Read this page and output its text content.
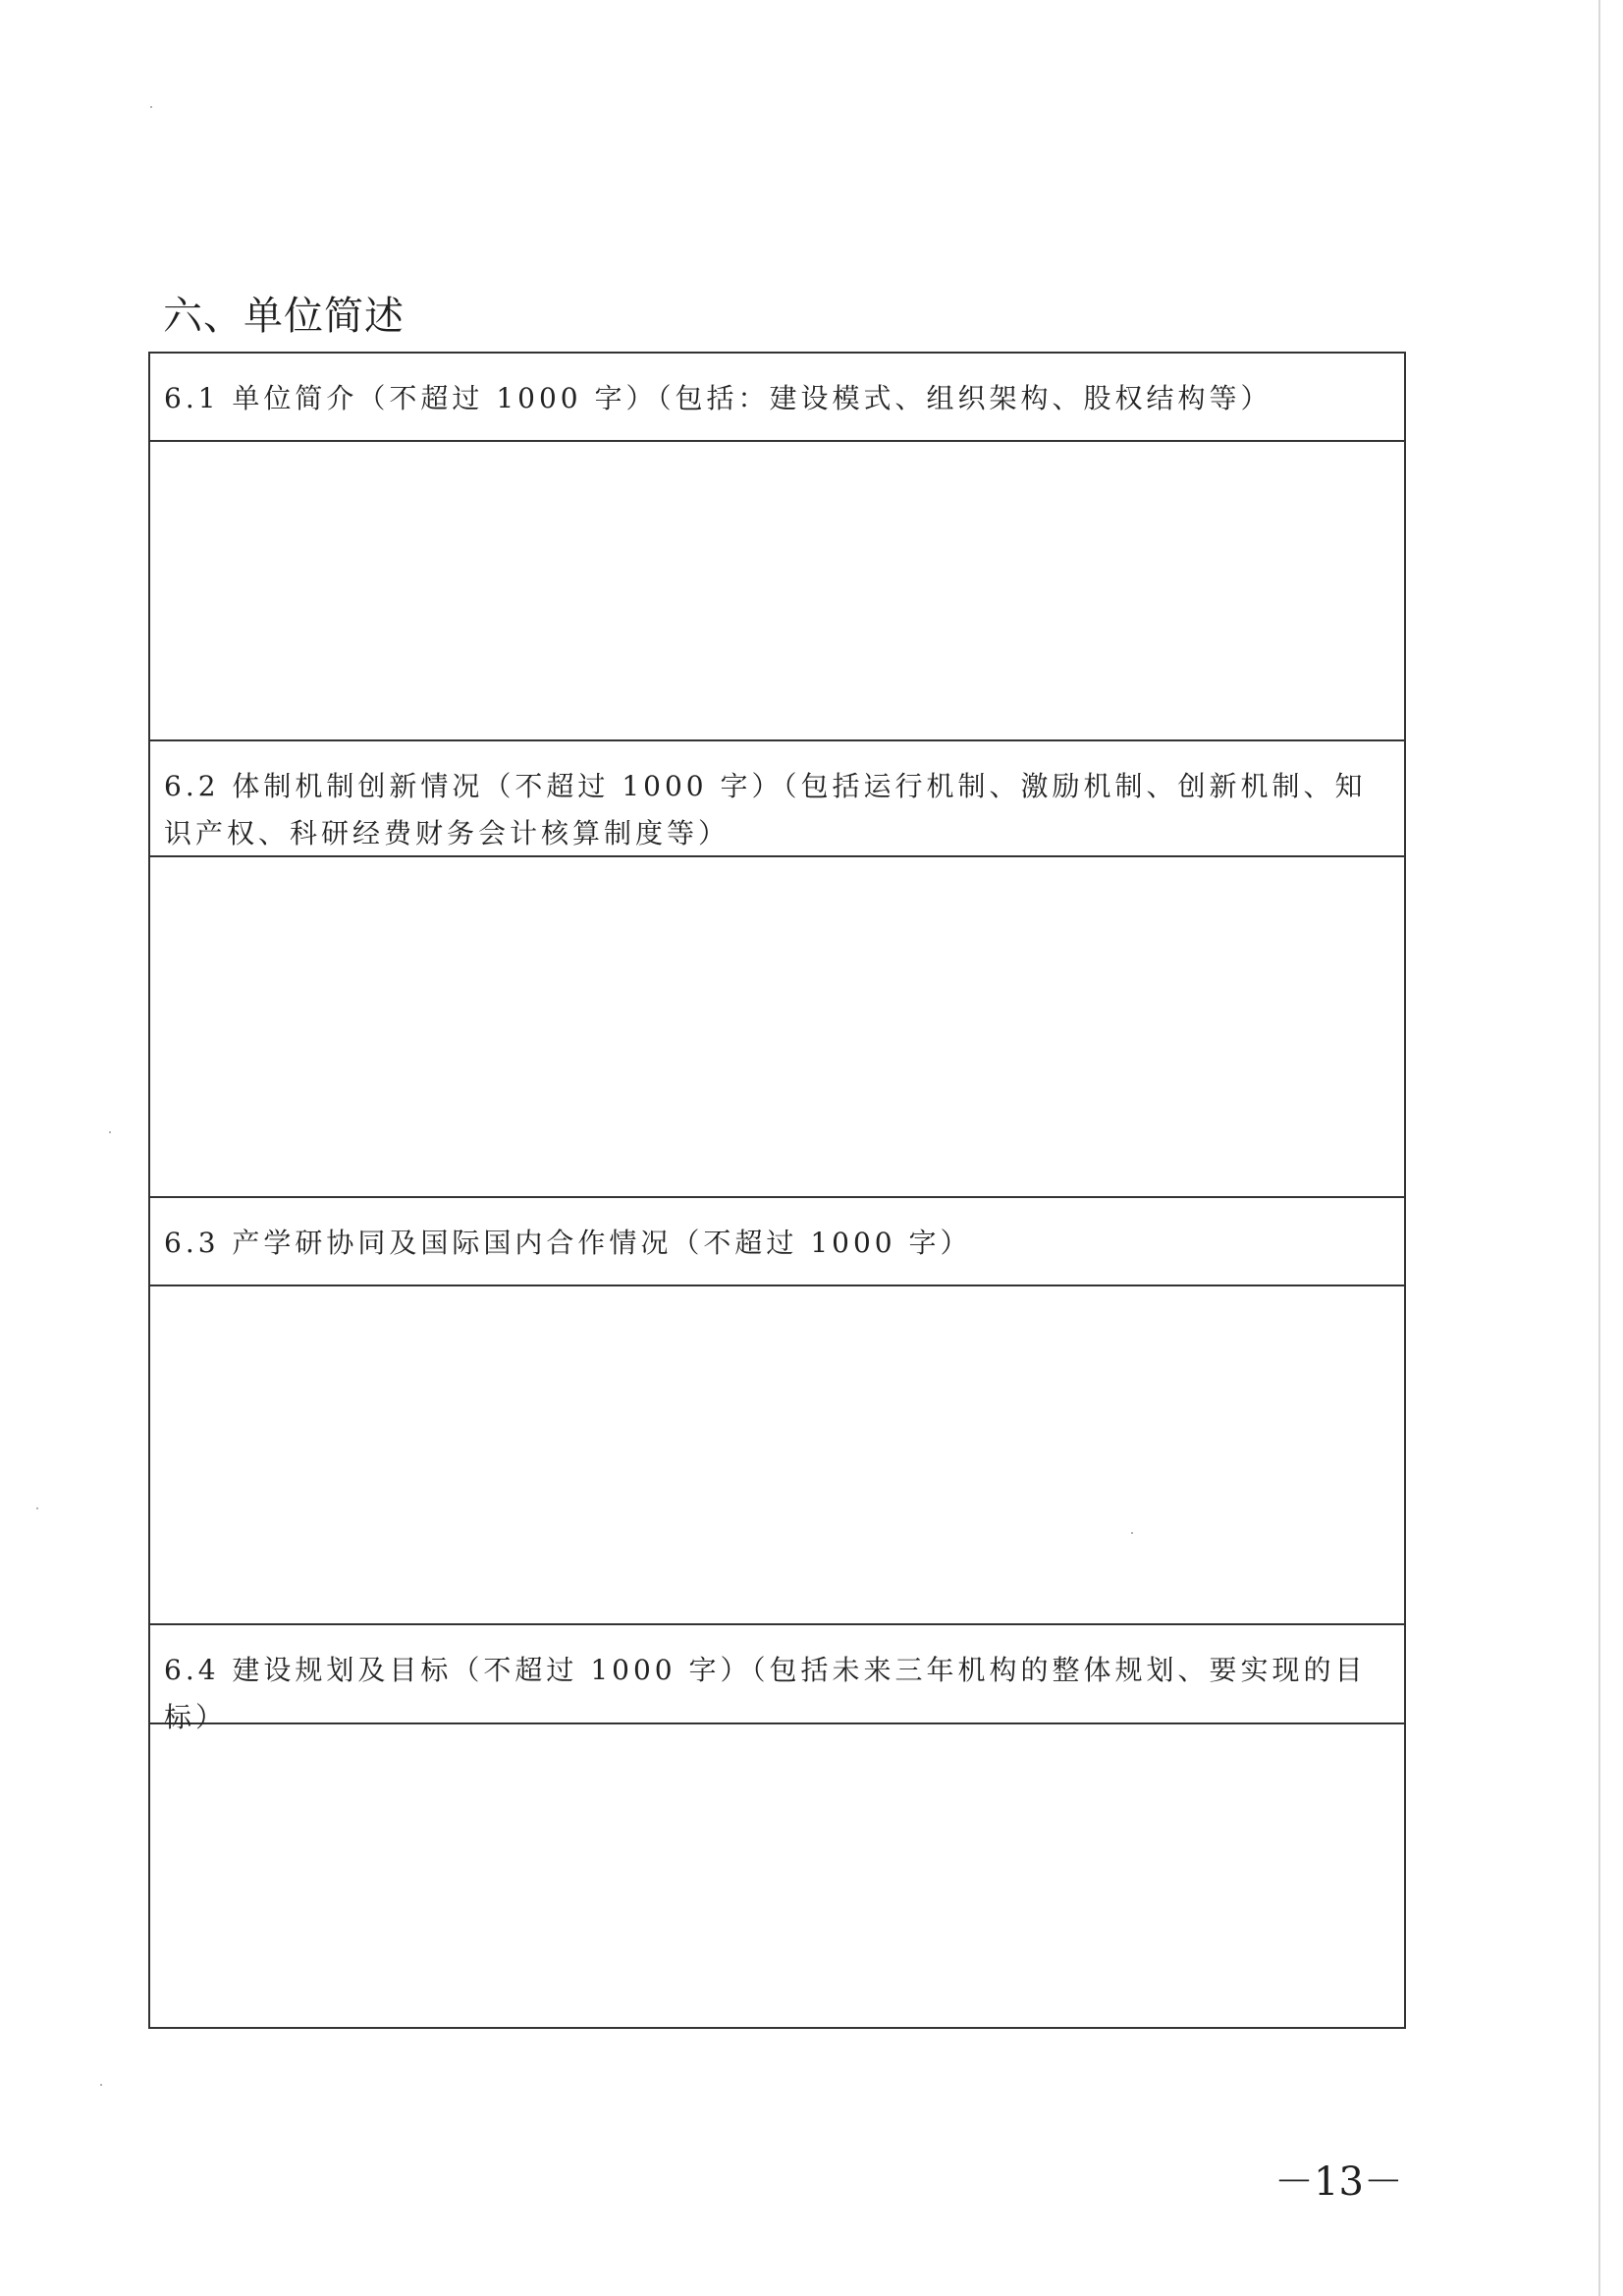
六、单位简述
6.1 单位简介（不超过 1000 字）（包括：建设模式、组织架构、股权结构等）
6.2 体制机制创新情况（不超过 1000 字）（包括运行机制、激励机制、创新机制、知识产权、科研经费财务会计核算制度等）
6.3 产学研协同及国际国内合作情况（不超过 1000 字）
6.4 建设规划及目标（不超过 1000 字）（包括未来三年机构的整体规划、要实现的目标）
－13－
